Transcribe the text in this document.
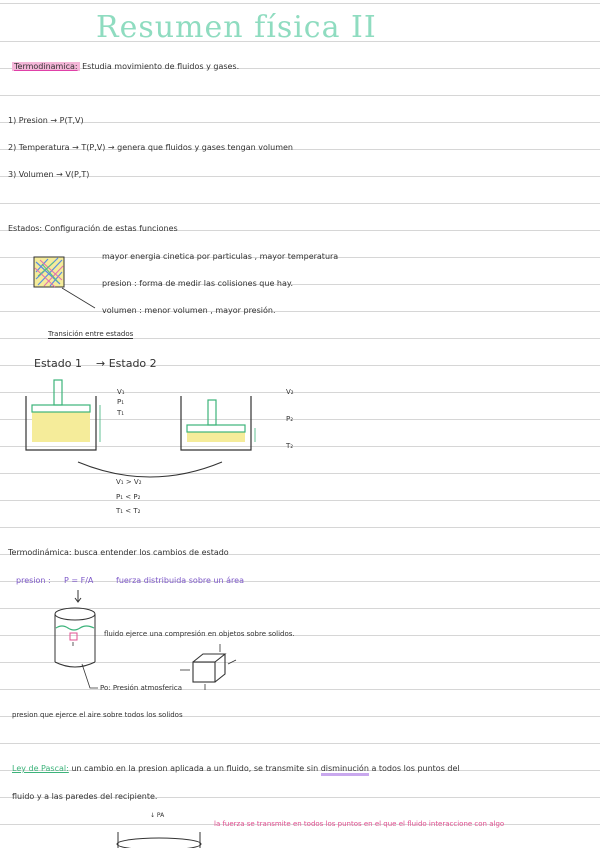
Resumen física II
Termodinamica: Estudia movimiento de fluidos y gases.
1) Presion → P(T,V)
2) Temperatura → T(P,V) → genera que fluidos y gases tengan volumen
3) Volumen → V(P,T)
Estados: Configuración de estas funciones
mayor energia cinetica por particulas , mayor temperatura
presion : forma de medir las colisiones que hay.
volumen : menor volumen , mayor presión.
Transición entre estados
Estado 1 → Estado 2
V₁
P₁
T₁
V₂
P₂
T₂
V₁ > V₂
P₁ < P₂
T₁ < T₂
Termodinámica: busca entender los cambios de estado
presion : P = F/A	fuerza distribuida sobre un área
fluido ejerce una compresión en objetos sobre solidos.
Po: Presión atmosferica
presion que ejerce el aire sobre todos los solidos
Ley de Pascal: un cambio en la presion aplicada a un fluido, se transmite sin disminución a todos los puntos del
fluido y a las paredes del recipiente.
↓ PA
la fuerza se transmite en todos los puntos en el que el fluido interaccione con algo
